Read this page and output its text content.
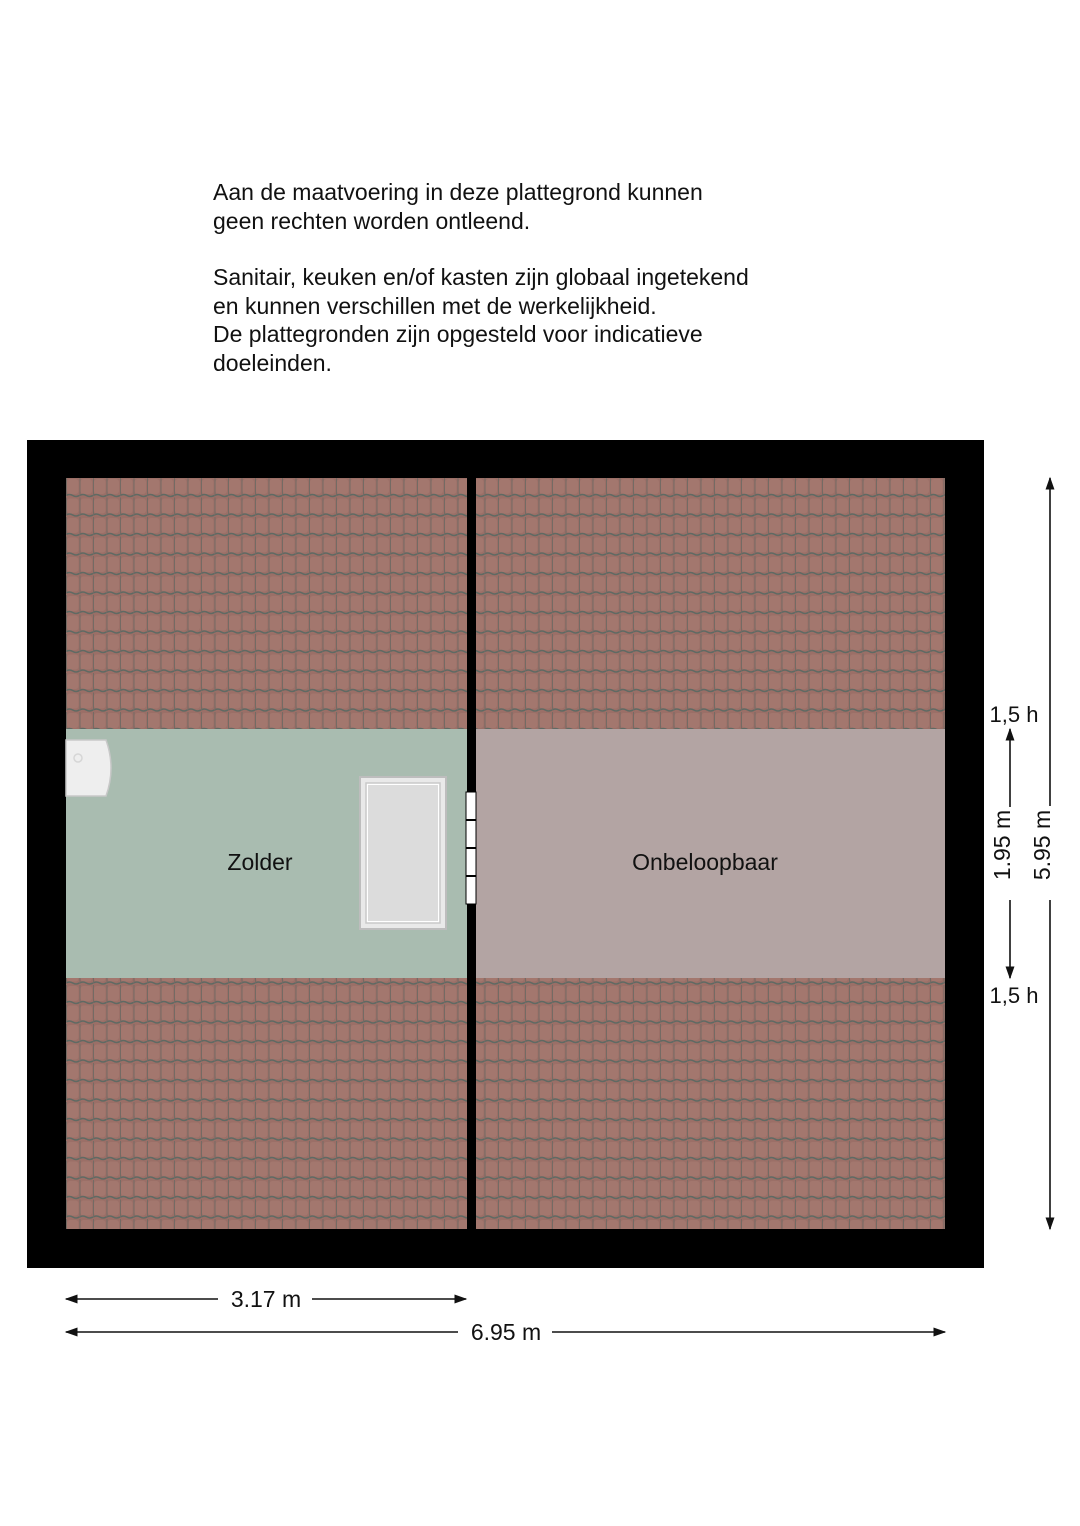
Aan de maatvoering in deze plattegrond kunnen
geen rechten worden ontleend.

Sanitair, keuken en/of kasten zijn globaal ingetekend
en kunnen verschillen met de werkelijkheid.
De plattegronden zijn opgesteld voor indicatieve
doeleinden.

Zolder	Onbeloopbaar
3.17 m
6.95 m
5.95 m
1.95 m
1,5 h
1,5 h
